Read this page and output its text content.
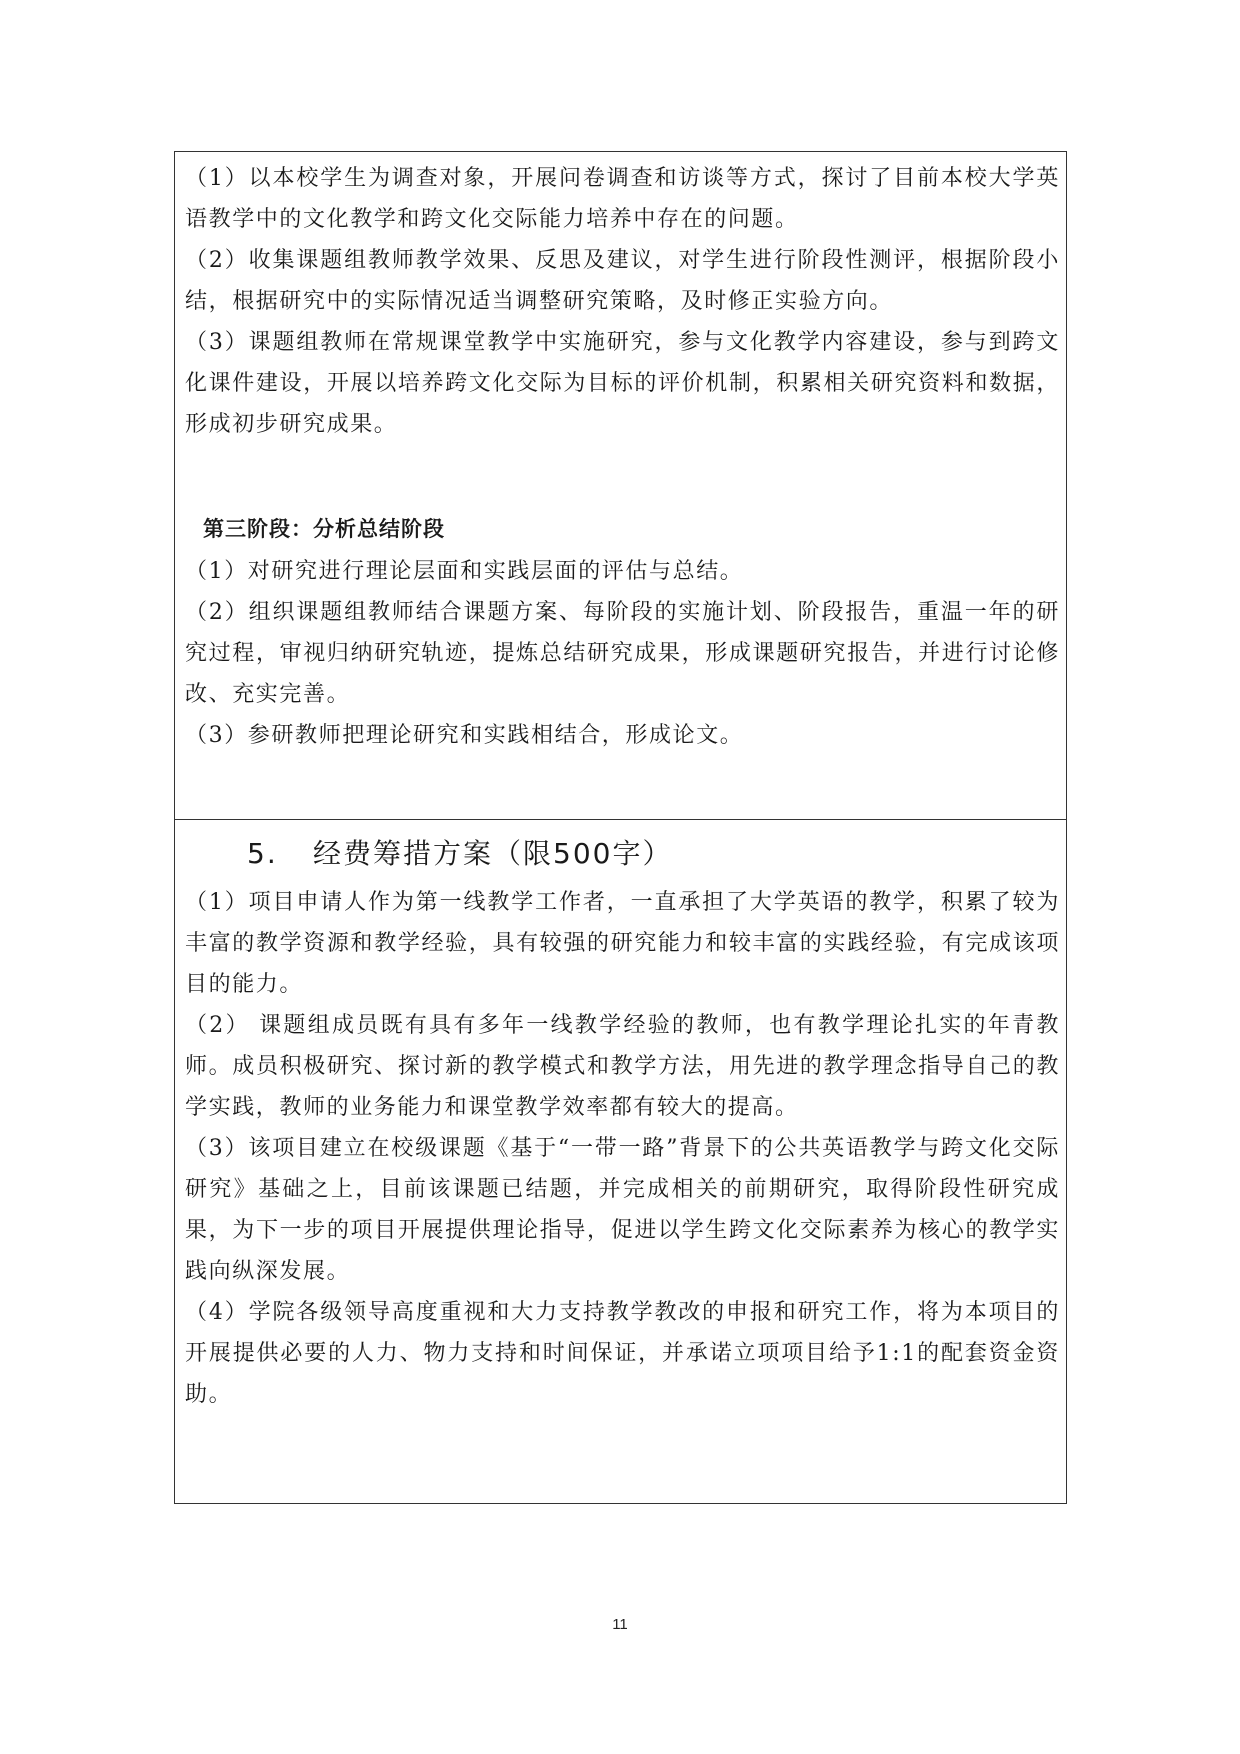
（1）以本校学生为调查对象，开展问卷调查和访谈等方式，探讨了目前本校大学英语教学中的文化教学和跨文化交际能力培养中存在的问题。

（2）收集课题组教师教学效果、反思及建议，对学生进行阶段性测评，根据阶段小结，根据研究中的实际情况适当调整研究策略，及时修正实验方向。

（3）课题组教师在常规课堂教学中实施研究，参与文化教学内容建设，参与到跨文化课件建设，开展以培养跨文化交际为目标的评价机制，积累相关研究资料和数据，形成初步研究成果。

第三阶段：分析总结阶段

（1）对研究进行理论层面和实践层面的评估与总结。

（2）组织课题组教师结合课题方案、每阶段的实施计划、阶段报告，重温一年的研究过程，审视归纳研究轨迹，提炼总结研究成果，形成课题研究报告，并进行讨论修改、充实完善。

（3）参研教师把理论研究和实践相结合，形成论文。

5.	经费筹措方案（限500字）

（1）项目申请人作为第一线教学工作者，一直承担了大学英语的教学，积累了较为丰富的教学资源和教学经验，具有较强的研究能力和较丰富的实践经验，有完成该项目的能力。

（2） 课题组成员既有具有多年一线教学经验的教师，也有教学理论扎实的年青教师。成员积极研究、探讨新的教学模式和教学方法，用先进的教学理念指导自己的教学实践，教师的业务能力和课堂教学效率都有较大的提高。

（3）该项目建立在校级课题《基于“一带一路”背景下的公共英语教学与跨文化交际研究》基础之上，目前该课题已结题，并完成相关的前期研究，取得阶段性研究成果，为下一步的项目开展提供理论指导，促进以学生跨文化交际素养为核心的教学实践向纵深发展。

（4）学院各级领导高度重视和大力支持教学教改的申报和研究工作，将为本项目的开展提供必要的人力、物力支持和时间保证，并承诺立项项目给予1:1的配套资金资助。

11
